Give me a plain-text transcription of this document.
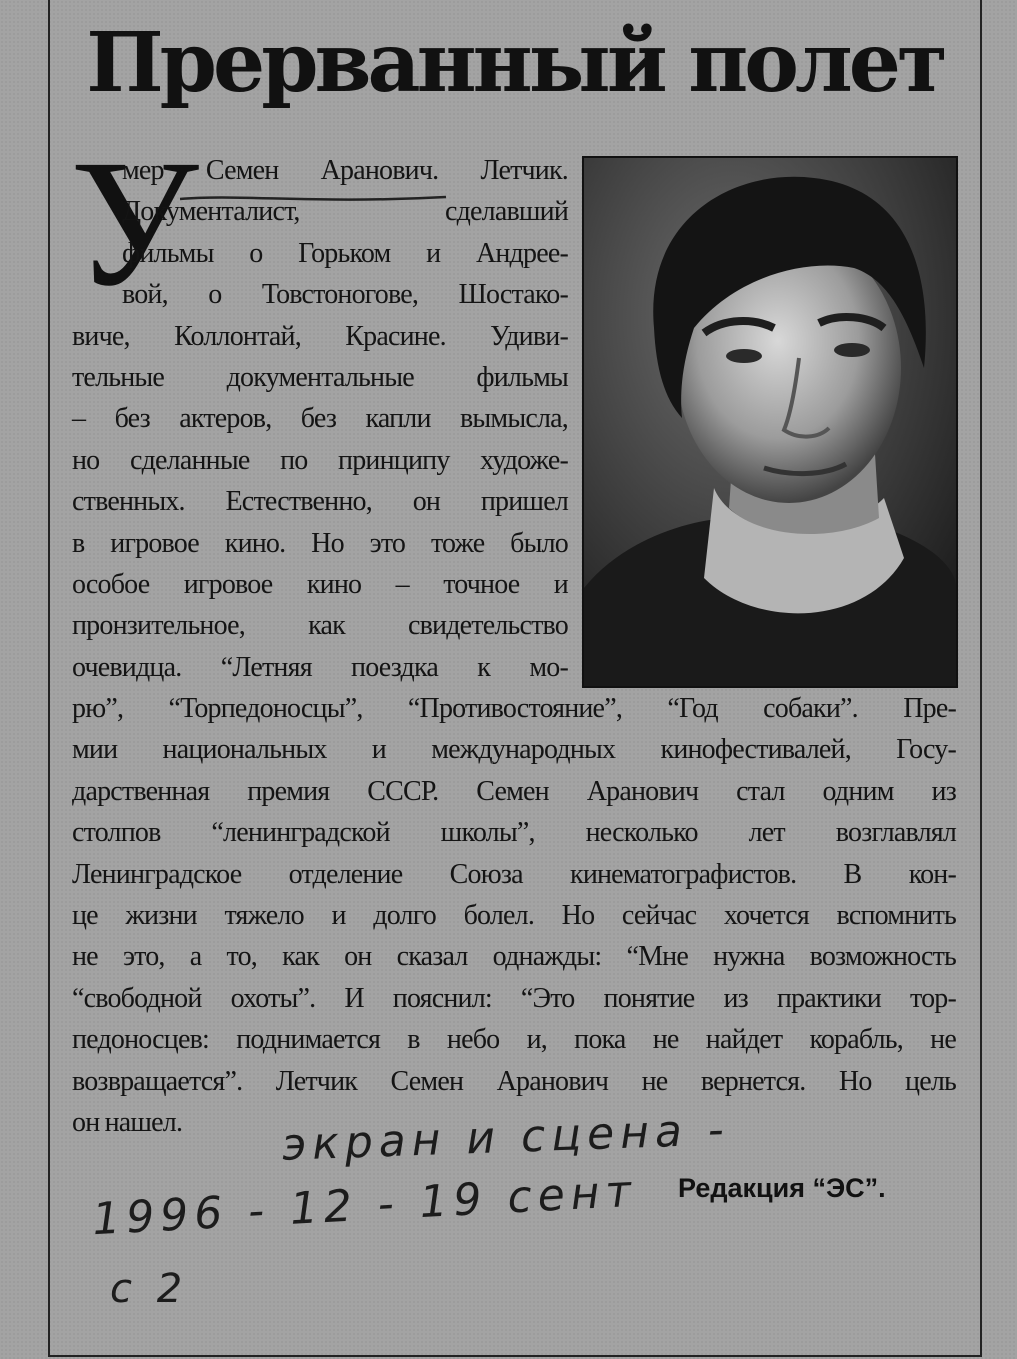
Прерванный полет
У
мер Семен Аранович. Летчик.
Документалист, сделавший
фильмы о Горьком и Андрее-
вой, о Товстоногове, Шостако-
виче, Коллонтай, Красине. Удиви-
тельные документальные фильмы
– без актеров, без капли вымысла,
но сделанные по принципу художе-
ственных. Естественно, он пришел
в игровое кино. Но это тоже было
особое игровое кино – точное и
пронзительное, как свидетельство
очевидца. “Летняя поездка к мо-
рю”, “Торпедоносцы”, “Противостояние”, “Год собаки”. Пре-
мии национальных и международных кинофестивалей, Госу-
дарственная премия СССР. Семен Аранович стал одним из
столпов “ленинградской школы”, несколько лет возглавлял
Ленинградское отделение Союза кинематографистов. В кон-
це жизни тяжело и долго болел. Но сейчас хочется вспомнить
не это, а то, как он сказал однажды: “Мне нужна возможность
“свободной охоты”. И пояснил: “Это понятие из практики тор-
педоносцев: поднимается в небо и, пока не найдет корабль, не
возвращается”. Летчик Семен Аранович не вернется. Но цель
он нашел.	экран и сцена -
1996 - 12 - 19 сент
с 2
Редакция “ЭС”.
